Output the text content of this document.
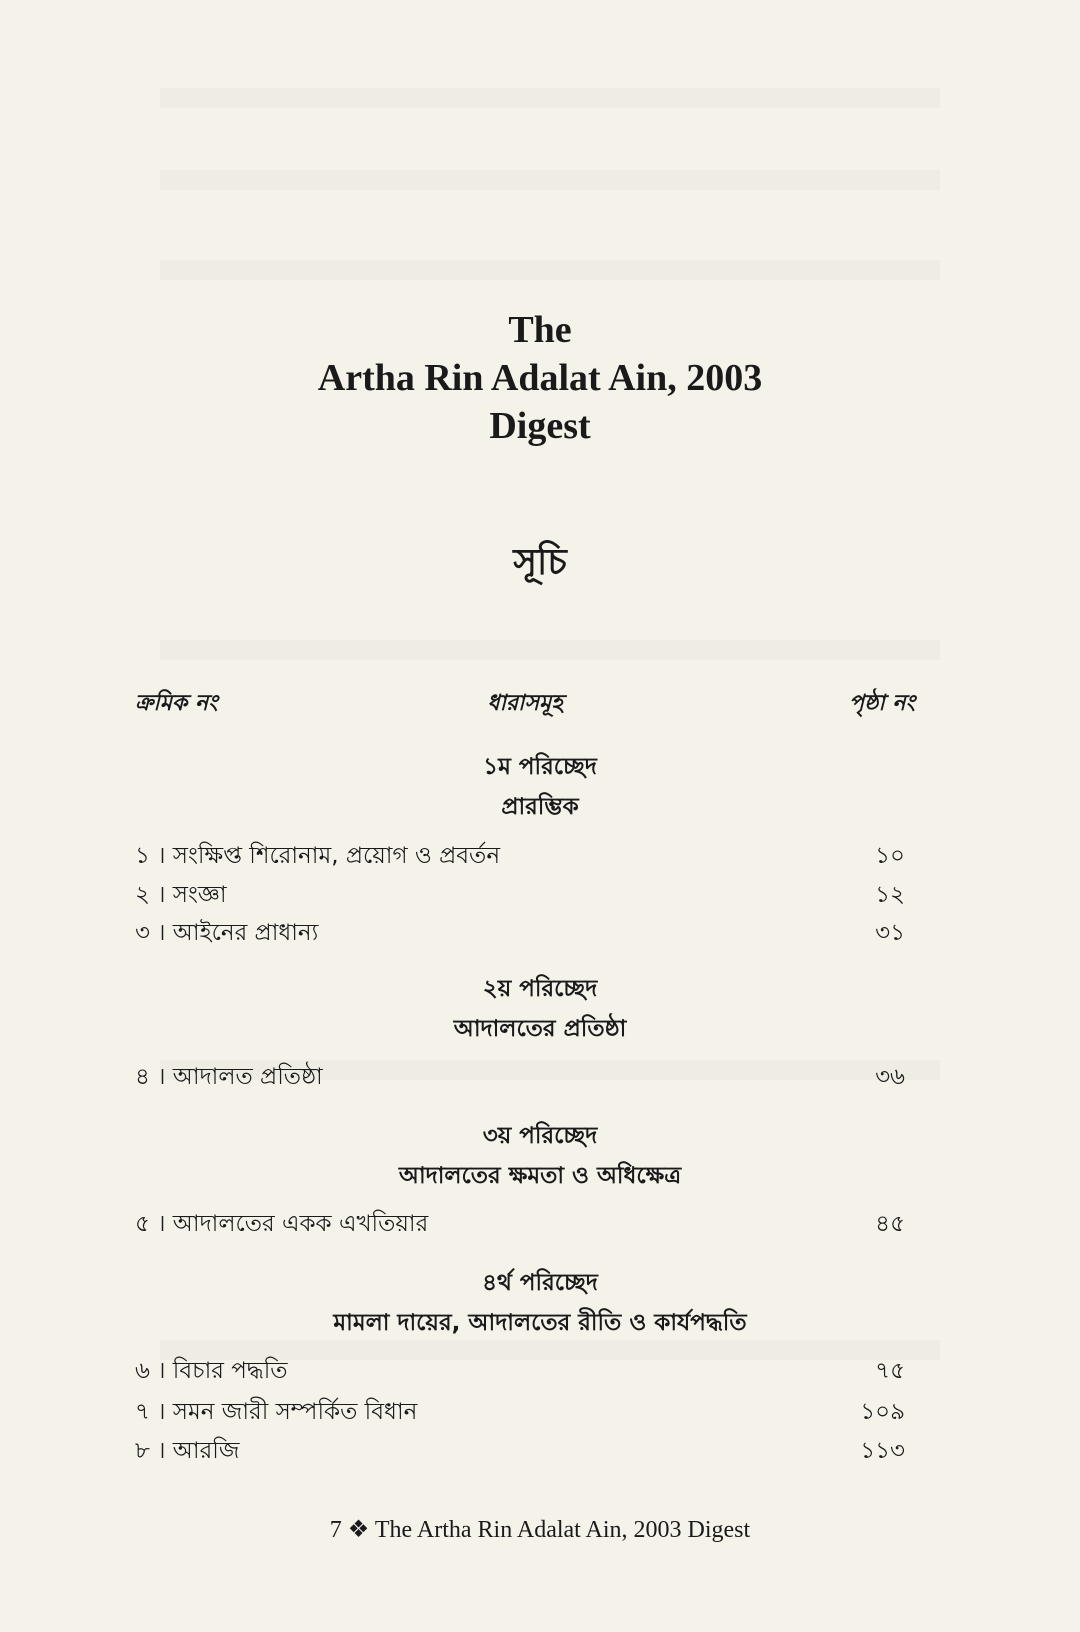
The
Artha Rin Adalat Ain, 2003
Digest
সূচি
ক্রমিক নং	ধারাসমূহ	পৃষ্ঠা নং
১ম পরিচ্ছেদ
প্রারম্ভিক
১ । সংক্ষিপ্ত শিরোনাম, প্রয়োগ ও প্রবর্তন	১০
২ । সংজ্ঞা	১২
৩ । আইনের প্রাধান্য	৩১
২য় পরিচ্ছেদ
আদালতের প্রতিষ্ঠা
৪ । আদালত প্রতিষ্ঠা	৩৬
৩য় পরিচ্ছেদ
আদালতের ক্ষমতা ও অধিক্ষেত্র
৫ । আদালতের একক এখতিয়ার	৪৫
৪র্থ পরিচ্ছেদ
মামলা দায়ের, আদালতের রীতি ও কার্যপদ্ধতি
৬ । বিচার পদ্ধতি	৭৫
৭ । সমন জারী সম্পর্কিত বিধান	১০৯
৮ । আরজি	১১৩
7 ❖ The Artha Rin Adalat Ain, 2003 Digest
